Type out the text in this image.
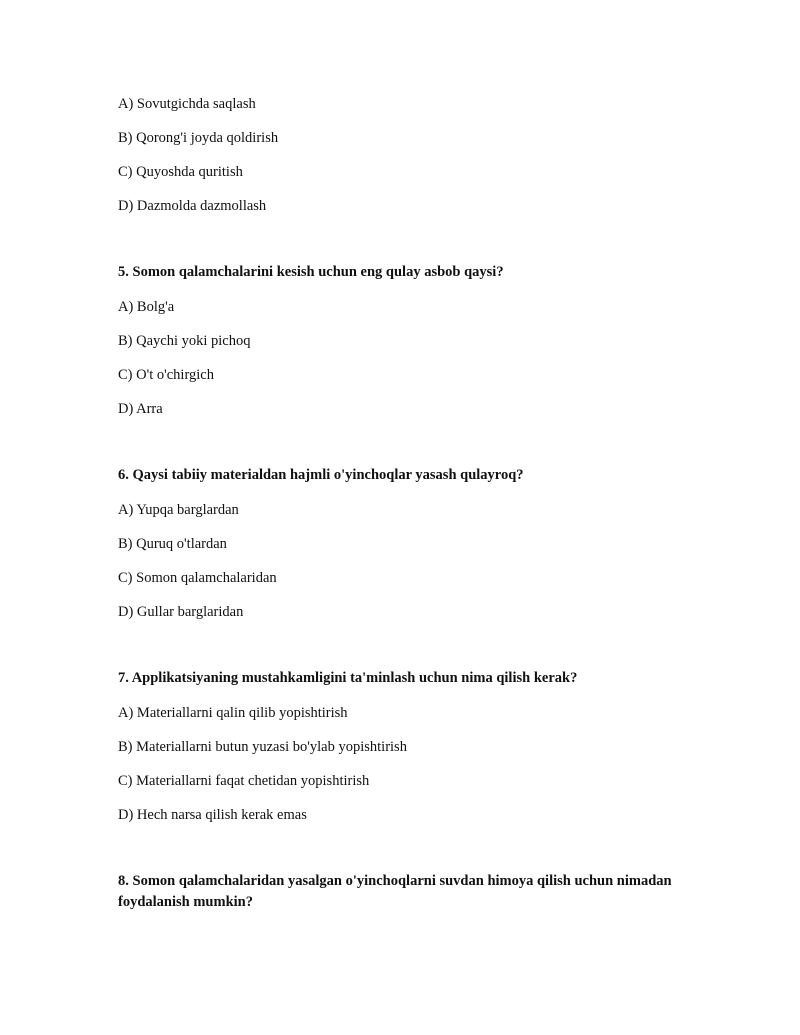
A) Sovutgichda saqlash
B) Qorong'i joyda qoldirish
C) Quyoshda quritish
D) Dazmolda dazmollash
5. Somon qalamchalarini kesish uchun eng qulay asbob qaysi?
A) Bolg'a
B) Qaychi yoki pichoq
C) O't o'chirgich
D) Arra
6. Qaysi tabiiy materialdan hajmli o'yinchoqlar yasash qulayroq?
A) Yupqa barglardan
B) Quruq o'tlardan
C) Somon qalamchalaridan
D) Gullar barglaridan
7. Applikatsiyaning mustahkamligini ta'minlash uchun nima qilish kerak?
A) Materiallarni qalin qilib yopishtirish
B) Materiallarni butun yuzasi bo'ylab yopishtirish
C) Materiallarni faqat chetidan yopishtirish
D) Hech narsa qilish kerak emas
8. Somon qalamchalaridan yasalgan o'yinchoqlarni suvdan himoya qilish uchun nimadan foydalanish mumkin?
